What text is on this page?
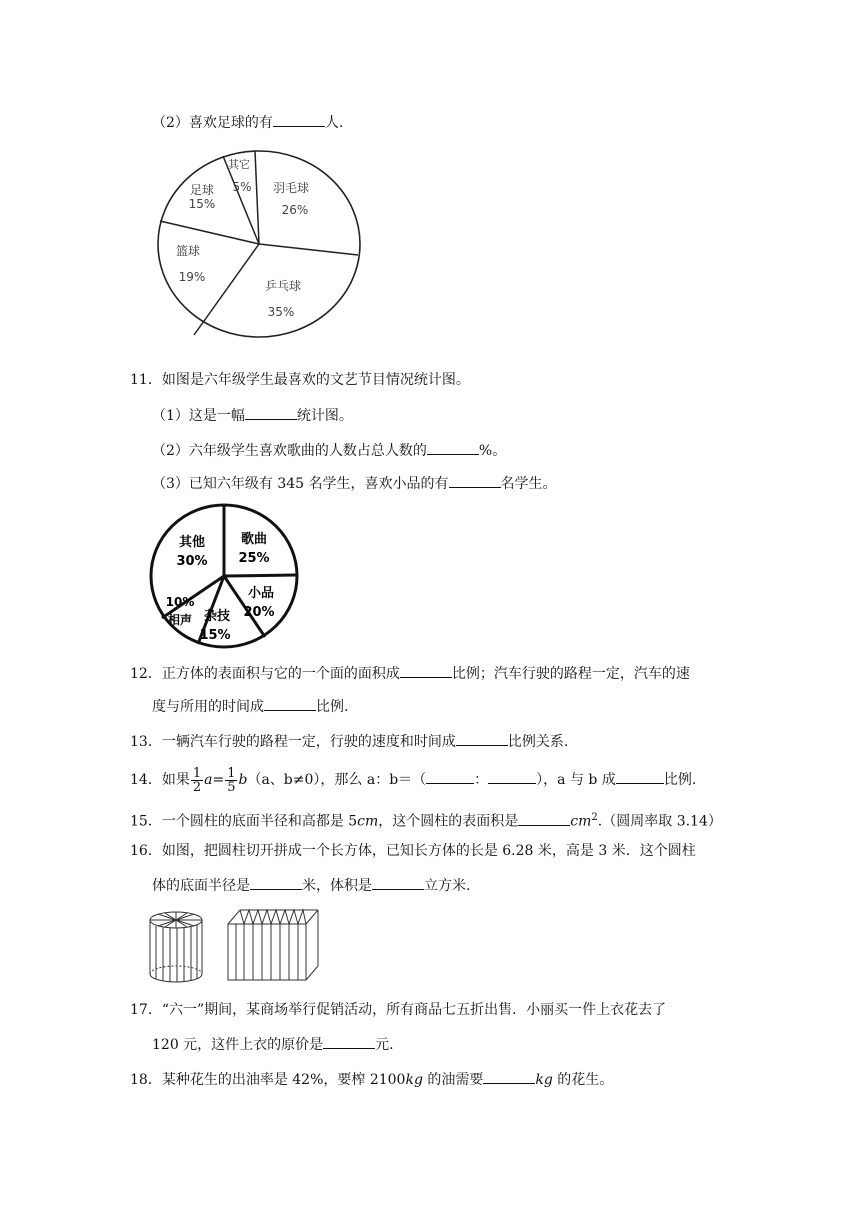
（2）喜欢足球的有	人.
羽毛球
26%
乒乓球
35%
篮球
19%
足球
15%
其它
5%
11．如图是六年级学生最喜欢的文艺节目情况统计图。
（1）这是一幅	统计图。
（2）六年级学生喜欢歌曲的人数占总人数的	%。
（3）已知六年级有 345 名学生，喜欢小品的有	名学生。
歌曲
25%
小品
20%
杂技
15%
10%
相声
其他
30%
12．正方体的表面积与它的一个面的面积成	比例；汽车行驶的路程一定，汽车的速
度与所用的时间成	比例.
13．一辆汽车行驶的路程一定，行驶的速度和时间成	比例关系.
14．如果 $\frac{1}{2} a= \frac{1}{5} b(a$、b≠0），那么 a：b＝（	：	），a 与 b 成	比例.
15．一个圆柱的底面半径和高都是 5cm，这个圆柱的表面积是	$cm^2$.（圆周率取 3.14）
16．如图，把圆柱切开拼成一个长方体，已知长方体的长是 6.28 米，高是 3 米．这个圆柱
体的底面半径是	米，体积是	立方米.
17．“六一”期间，某商场举行促销活动，所有商品七五折出售．小丽买一件上衣花去了
120 元，这件上衣的原价是	元.
18．某种花生的出油率是 42%，要榨 2100kg 的油需要	kg 的花生。
